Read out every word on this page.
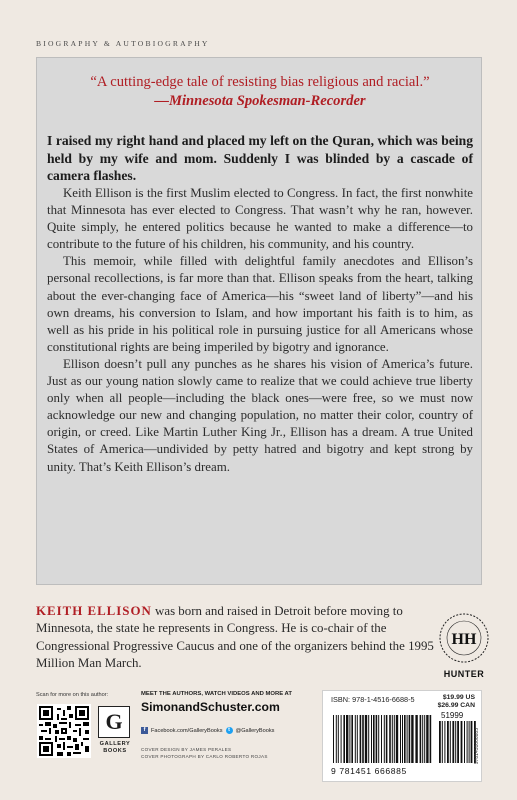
BIOGRAPHY & AUTOBIOGRAPHY
“A cutting-edge tale of resisting bias religious and racial.”
—Minnesota Spokesman-Recorder
I raised my right hand and placed my left on the Quran, which was being held by my wife and mom. Suddenly I was blinded by a cascade of camera flashes.

Keith Ellison is the first Muslim elected to Congress. In fact, the first nonwhite that Minnesota has ever elected to Congress. That wasn’t why he ran, however. Quite simply, he entered politics because he wanted to make a difference—to contribute to the future of his children, his community, and his country.

This memoir, while filled with delightful family anecdotes and Ellison’s personal recollections, is far more than that. Ellison speaks from the heart, talking about the ever-changing face of America—his “sweet land of liberty”—and his own dreams, his conversion to Islam, and how important his faith is to him, as well as his pride in his political role in pursuing justice for all Americans whose constitutional rights are being imperiled by bigotry and ignorance.

Ellison doesn’t pull any punches as he shares his vision of America’s future. Just as our young nation slowly came to realize that we could achieve true liberty only when all people—including the black ones—were free, so we must now acknowledge our new and changing population, no matter their color, country of origin, or creed. Like Martin Luther King Jr., Ellison has a dream. A true United States of America—undivided by petty hatred and bigotry and kept strong by unity. That’s Keith Ellison’s dream.

KEITH ELLISON was born and raised in Detroit before moving to Minnesota, the state he represents in Congress. He is co-chair of the Congressional Progressive Caucus and one of the organizers behind the 1995 Million Man March.
Scan for more on this author:
G
GALLERY
BOOKS
MEET THE AUTHORS, WATCH VIDEOS AND MORE AT
SimonandSchuster.com
f Facebook.com/GalleryBooks	t @GalleryBooks
COVER DESIGN BY JAMES PERALES
COVER PHOTOGRAPH BY CARLO ROBERTO ROJAS
HH
HUNTER
ISBN: 978-1-4516-6688-5	$19.99 US
$26.99 CAN
51999
9 781451 666885
9781451666885
